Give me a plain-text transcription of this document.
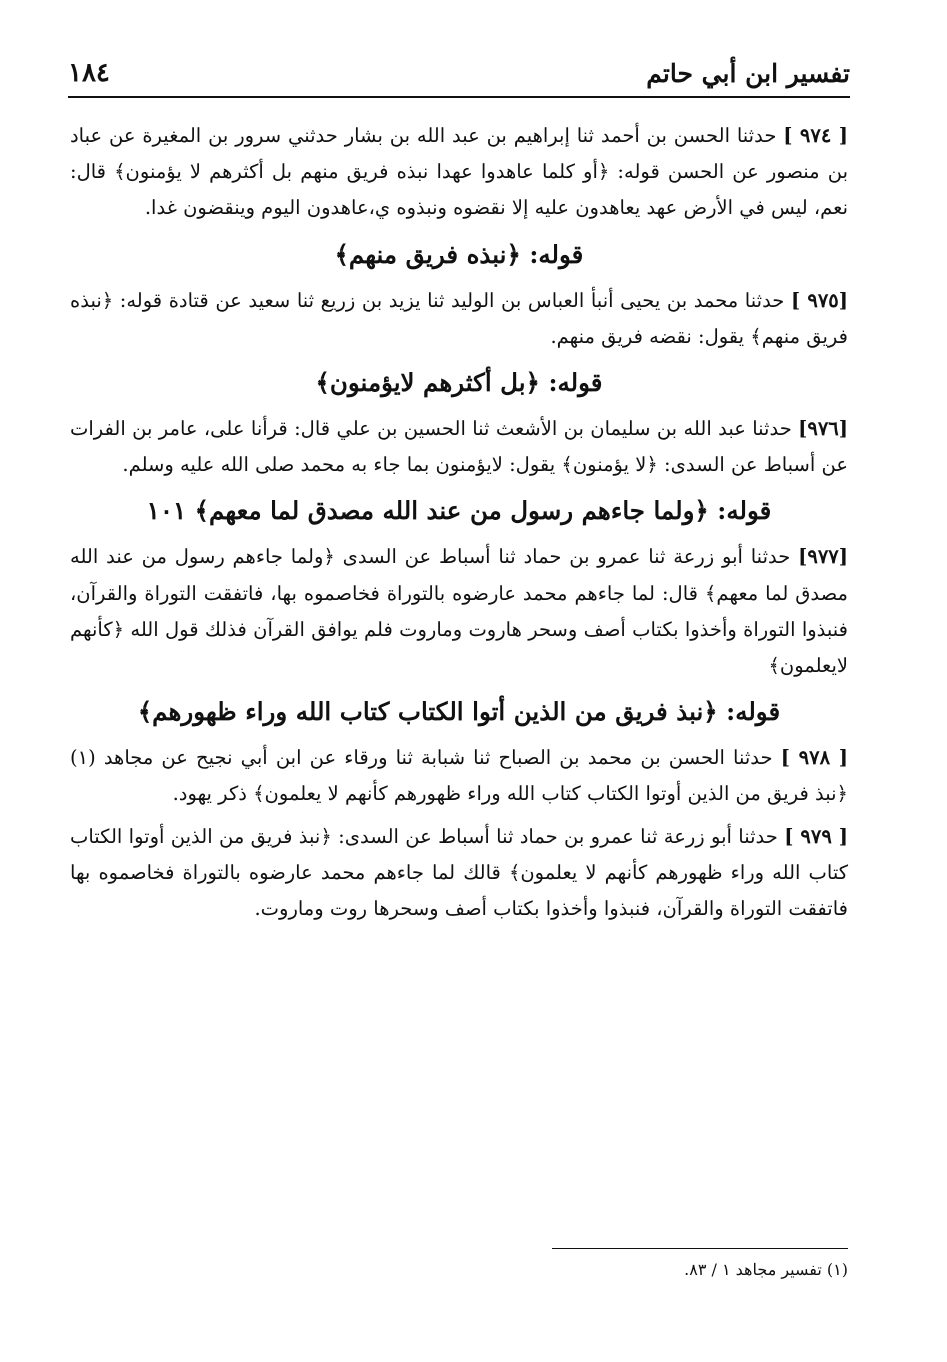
تفسير ابن أبي حاتم
١٨٤

[ ٩٧٤ ] حدثنا الحسن بن أحمد ثنا إبراهيم بن عبد الله بن بشار حدثني سرور بن المغيرة عن عباد بن منصور عن الحسن قوله: ﴿أو كلما عاهدوا عهدا نبذه فريق منهم بل أكثرهم لا يؤمنون﴾ قال: نعم، ليس في الأرض عهد يعاهدون عليه إلا نقضوه ونبذوه ي،عاهدون اليوم وينقضون غدا.

قوله: ﴿نبذه فريق منهم﴾

[٩٧٥ ] حدثنا محمد بن يحيى أنبأ العباس بن الوليد ثنا يزيد بن زريع ثنا سعيد عن قتادة قوله: ﴿نبذه فريق منهم﴾ يقول: نقضه فريق منهم.

قوله: ﴿بل أكثرهم لايؤمنون﴾

[٩٧٦] حدثنا عبد الله بن سليمان بن الأشعث ثنا الحسين بن علي قال: قرأنا على، عامر بن الفرات عن أسباط عن السدى: ﴿لا يؤمنون﴾ يقول: لايؤمنون بما جاء به محمد صلى الله عليه وسلم.

قوله: ﴿ولما جاءهم رسول من عند الله مصدق لما معهم﴾ ١٠١

[٩٧٧] حدثنا أبو زرعة ثنا عمرو بن حماد ثنا أسباط عن السدى ﴿ولما جاءهم رسول من عند الله مصدق لما معهم﴾ قال: لما جاءهم محمد عارضوه بالتوراة فخاصموه بها، فاتفقت التوراة والقرآن، فنبذوا التوراة وأخذوا بكتاب أصف وسحر هاروت وماروت فلم يوافق القرآن فذلك قول الله ﴿كأنهم لايعلمون﴾

قوله: ﴿نبذ فريق من الذين أتوا الكتاب كتاب الله وراء ظهورهم﴾

[ ٩٧٨ ] حدثنا الحسن بن محمد بن الصباح ثنا شبابة ثنا ورقاء عن ابن أبي نجيح عن مجاهد (١) ﴿نبذ فريق من الذين أوتوا الكتاب كتاب الله وراء ظهورهم كأنهم لا يعلمون﴾ ذكر يهود.

[ ٩٧٩ ] حدثنا أبو زرعة ثنا عمرو بن حماد ثنا أسباط عن السدى: ﴿نبذ فريق من الذين أوتوا الكتاب كتاب الله وراء ظهورهم كأنهم لا يعلمون﴾ قالك لما جاءهم محمد عارضوه بالتوراة فخاصموه بها فاتفقت التوراة والقرآن، فنبذوا وأخذوا بكتاب أصف وسحرها روت وماروت.

(١) تفسير مجاهد ١ / ٨٣.
